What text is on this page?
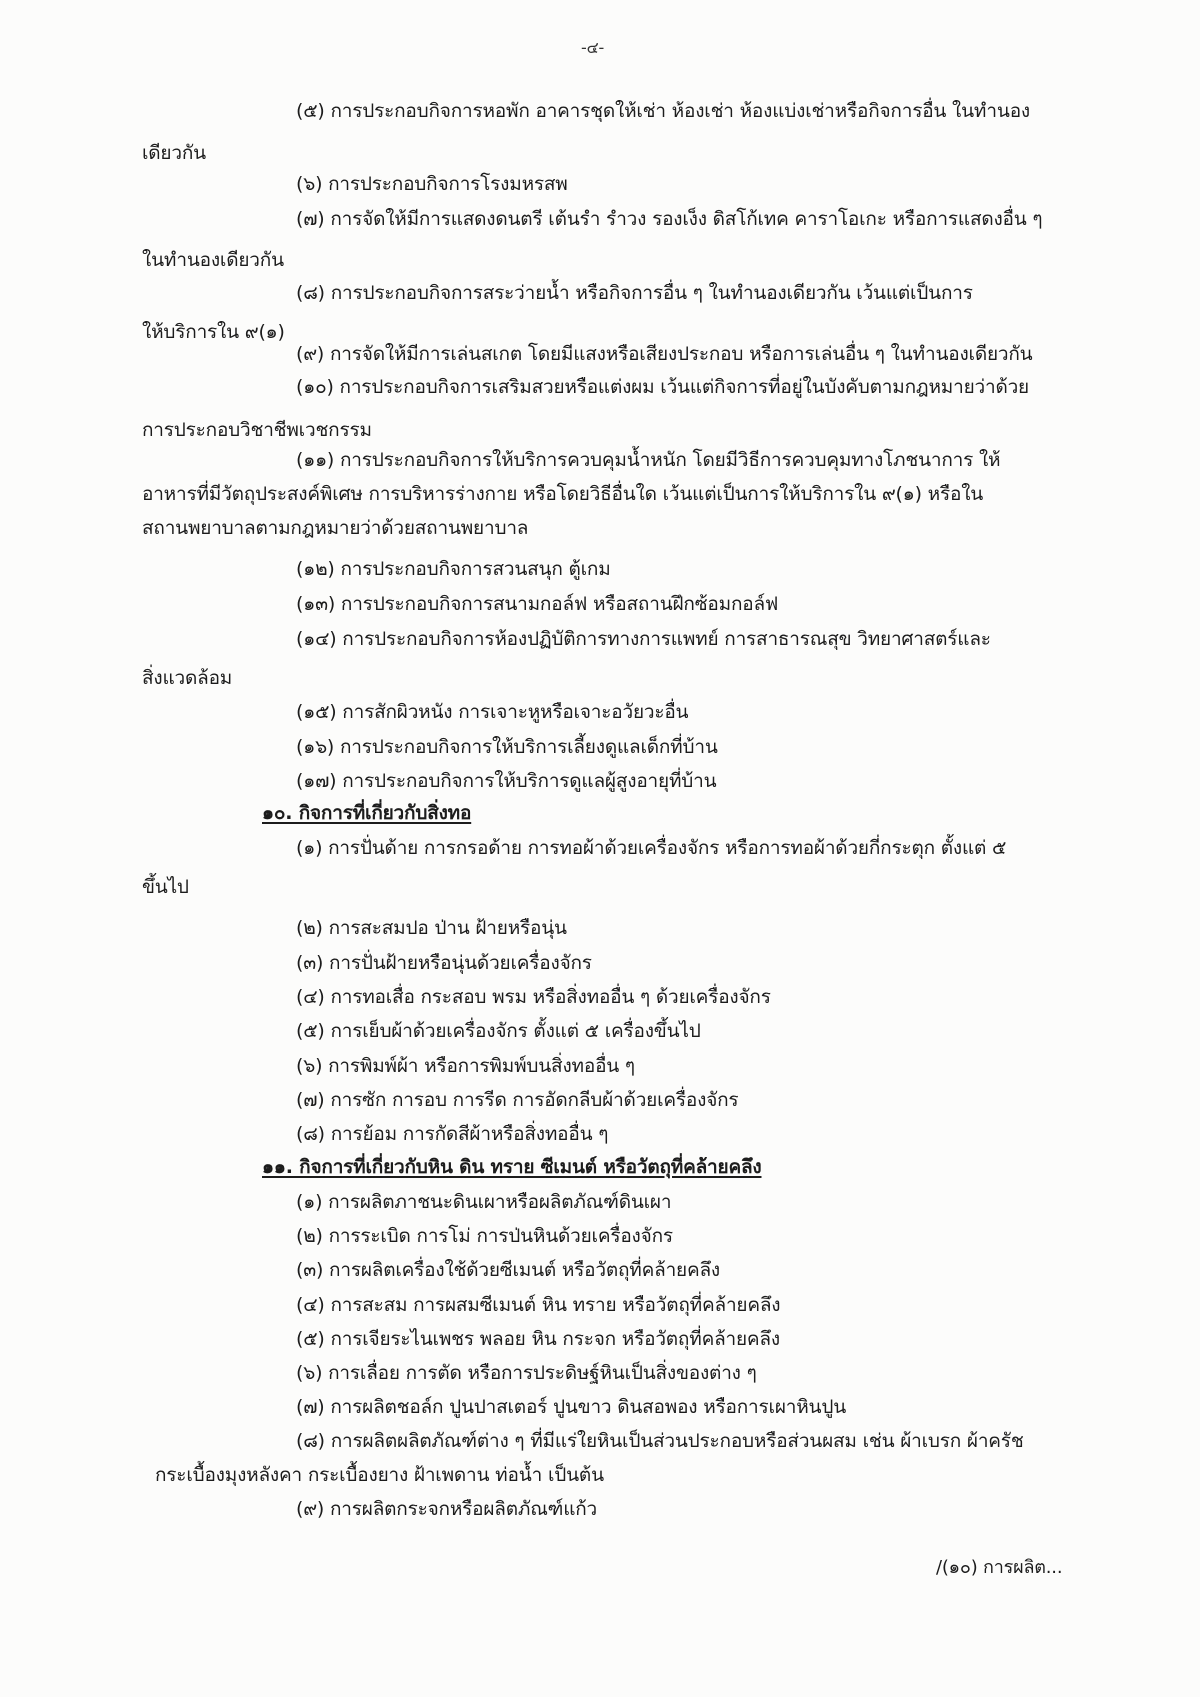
-๔-
(๕) การประกอบกิจการหอพัก อาคารชุดให้เช่า ห้องเช่า ห้องแบ่งเช่าหรือกิจการอื่น ในทำนอง
เดียวกัน
(๖) การประกอบกิจการโรงมหรสพ
(๗) การจัดให้มีการแสดงดนตรี เต้นรำ รำวง รองเง็ง ดิสโก้เทค คาราโอเกะ หรือการแสดงอื่น ๆ
ในทำนองเดียวกัน
(๘) การประกอบกิจการสระว่ายน้ำ หรือกิจการอื่น ๆ ในทำนองเดียวกัน เว้นแต่เป็นการ
ให้บริการใน ๙(๑)
(๙) การจัดให้มีการเล่นสเกต โดยมีแสงหรือเสียงประกอบ หรือการเล่นอื่น ๆ ในทำนองเดียวกัน
(๑๐) การประกอบกิจการเสริมสวยหรือแต่งผม เว้นแต่กิจการที่อยู่ในบังคับตามกฎหมายว่าด้วย
การประกอบวิชาชีพเวชกรรม
(๑๑) การประกอบกิจการให้บริการควบคุมน้ำหนัก โดยมีวิธีการควบคุมทางโภชนาการ ให้
อาหารที่มีวัตถุประสงค์พิเศษ การบริหารร่างกาย หรือโดยวิธีอื่นใด เว้นแต่เป็นการให้บริการใน ๙(๑) หรือใน
สถานพยาบาลตามกฎหมายว่าด้วยสถานพยาบาล
(๑๒) การประกอบกิจการสวนสนุก ตู้เกม
(๑๓) การประกอบกิจการสนามกอล์ฟ หรือสถานฝึกซ้อมกอล์ฟ
(๑๔) การประกอบกิจการห้องปฏิบัติการทางการแพทย์ การสาธารณสุข วิทยาศาสตร์และ
สิ่งแวดล้อม
(๑๕) การสักผิวหนัง การเจาะหูหรือเจาะอวัยวะอื่น
(๑๖) การประกอบกิจการให้บริการเลี้ยงดูแลเด็กที่บ้าน
(๑๗) การประกอบกิจการให้บริการดูแลผู้สูงอายุที่บ้าน
๑๐. กิจการที่เกี่ยวกับสิ่งทอ
(๑) การปั่นด้าย การกรอด้าย การทอผ้าด้วยเครื่องจักร หรือการทอผ้าด้วยกี่กระตุก ตั้งแต่ ๕
ขึ้นไป
(๒) การสะสมปอ ป่าน ฝ้ายหรือนุ่น
(๓) การปั่นฝ้ายหรือนุ่นด้วยเครื่องจักร
(๔) การทอเสื่อ กระสอบ พรม หรือสิ่งทออื่น ๆ ด้วยเครื่องจักร
(๕) การเย็บผ้าด้วยเครื่องจักร ตั้งแต่ ๕ เครื่องขึ้นไป
(๖) การพิมพ์ผ้า หรือการพิมพ์บนสิ่งทออื่น ๆ
(๗) การซัก การอบ การรีด การอัดกลีบผ้าด้วยเครื่องจักร
(๘) การย้อม การกัดสีผ้าหรือสิ่งทออื่น ๆ
๑๑. กิจการที่เกี่ยวกับหิน ดิน ทราย ซีเมนต์ หรือวัตถุที่คล้ายคลึง
(๑) การผลิตภาชนะดินเผาหรือผลิตภัณฑ์ดินเผา
(๒) การระเบิด การโม่ การป่นหินด้วยเครื่องจักร
(๓) การผลิตเครื่องใช้ด้วยซีเมนต์ หรือวัตถุที่คล้ายคลึง
(๔) การสะสม การผสมซีเมนต์ หิน ทราย หรือวัตถุที่คล้ายคลึง
(๕) การเจียระไนเพชร พลอย หิน กระจก หรือวัตถุที่คล้ายคลึง
(๖) การเลื่อย การตัด หรือการประดิษฐ์หินเป็นสิ่งของต่าง ๆ
(๗) การผลิตชอล์ก ปูนปาสเตอร์ ปูนขาว ดินสอพอง หรือการเผาหินปูน
(๘) การผลิตผลิตภัณฑ์ต่าง ๆ ที่มีแร่ใยหินเป็นส่วนประกอบหรือส่วนผสม เช่น ผ้าเบรก ผ้าครัช
กระเบื้องมุงหลังคา กระเบื้องยาง ฝ้าเพดาน ท่อน้ำ เป็นต้น
(๙) การผลิตกระจกหรือผลิตภัณฑ์แก้ว
/(๑๐) การผลิต...
